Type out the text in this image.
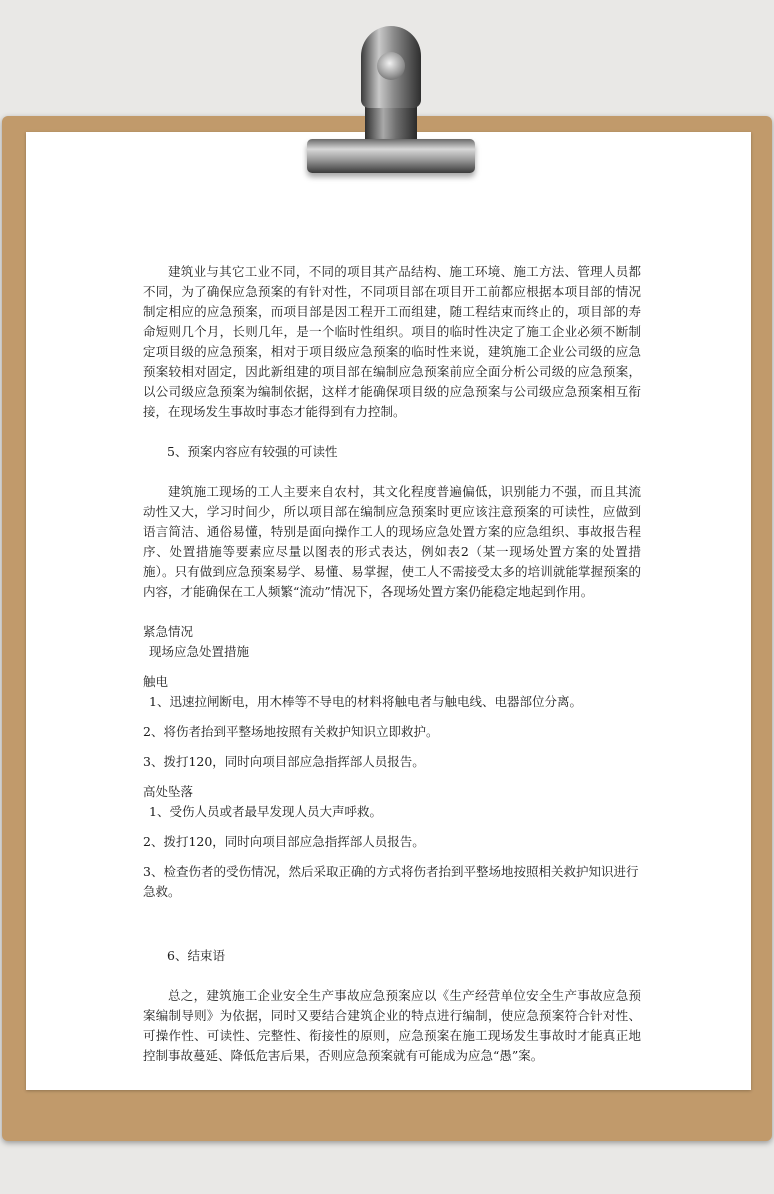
建筑业与其它工业不同，不同的项目其产品结构、施工环境、施工方法、管理人员都不同，为了确保应急预案的有针对性，不同项目部在项目开工前都应根据本项目部的情况制定相应的应急预案，而项目部是因工程开工而组建，随工程结束而终止的，项目部的寿命短则几个月，长则几年，是一个临时性组织。项目的临时性决定了施工企业必须不断制定项目级的应急预案，相对于项目级应急预案的临时性来说，建筑施工企业公司级的应急预案较相对固定，因此新组建的项目部在编制应急预案前应全面分析公司级的应急预案，以公司级应急预案为编制依据，这样才能确保项目级的应急预案与公司级应急预案相互衔接，在现场发生事故时事态才能得到有力控制。

5、预案内容应有较强的可读性

建筑施工现场的工人主要来自农村，其文化程度普遍偏低，识别能力不强，而且其流动性又大，学习时间少，所以项目部在编制应急预案时更应该注意预案的可读性，应做到语言简洁、通俗易懂，特别是面向操作工人的现场应急处置方案的应急组织、事故报告程序、处置措施等要素应尽量以图表的形式表达，例如表2（某一现场处置方案的处置措施）。只有做到应急预案易学、易懂、易掌握，使工人不需接受太多的培训就能掌握预案的内容，才能确保在工人频繁“流动”情况下，各现场处置方案仍能稳定地起到作用。

紧急情况

现场应急处置措施

触电

1、迅速拉闸断电，用木棒等不导电的材料将触电者与触电线、电器部位分离。

2、将伤者抬到平整场地按照有关救护知识立即救护。

3、拨打120，同时向项目部应急指挥部人员报告。

高处坠落

1、受伤人员或者最早发现人员大声呼救。

2、拨打120，同时向项目部应急指挥部人员报告。

3、检查伤者的受伤情况，然后采取正确的方式将伤者抬到平整场地按照相关救护知识进行急救。

6、结束语

总之，建筑施工企业安全生产事故应急预案应以《生产经营单位安全生产事故应急预案编制导则》为依据，同时又要结合建筑企业的特点进行编制，使应急预案符合针对性、可操作性、可读性、完整性、衔接性的原则，应急预案在施工现场发生事故时才能真正地控制事故蔓延、降低危害后果，否则应急预案就有可能成为应急“愚”案。
